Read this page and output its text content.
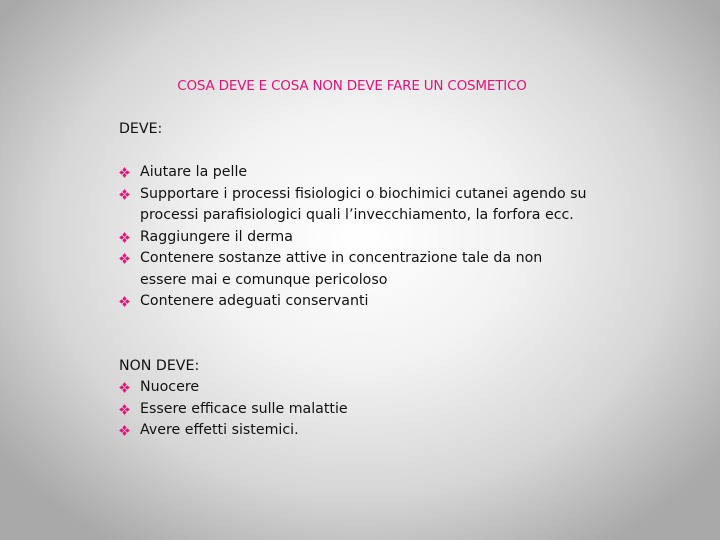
COSA DEVE E COSA NON DEVE FARE UN COSMETICO

DEVE:

Aiutare la pelle
Supportare i processi fisiologici o biochimici cutanei agendo su processi parafisiologici quali l’invecchiamento, la forfora ecc.
Raggiungere il derma
Contenere sostanze attive in concentrazione tale da non essere mai e comunque pericoloso
Contenere adeguati conservanti

NON DEVE:

Nuocere
Essere efficace sulle malattie
Avere effetti sistemici.
